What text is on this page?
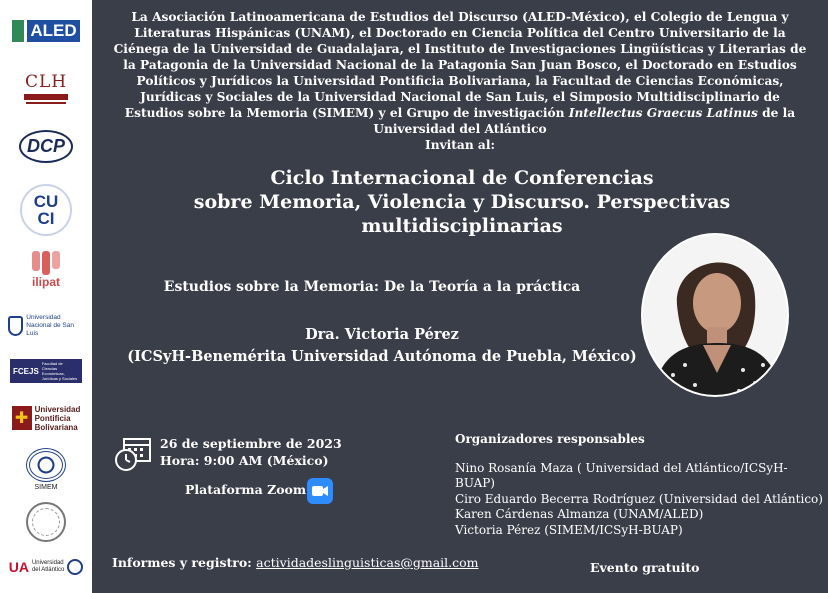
ALED
CLH
DCP
CU
CI
ilipat
Universidad
Nacional de San Luis
FCEJS
Facultad de Ciencias Económicas, Jurídicas y Sociales
✚
Universidad
Pontificia
Bolivariana
SIMEM
UA Universidad
del Atlántico
La Asociación Latinoamericana de Estudios del Discurso (ALED-México), el Colegio de Lengua y Literaturas Hispánicas (UNAM), el Doctorado en Ciencia Política del Centro Universitario de la Ciénega de la Universidad de Guadalajara, el Instituto de Investigaciones Lingüísticas y Literarias de la Patagonia de la Universidad Nacional de la Patagonia San Juan Bosco, el Doctorado en Estudios Políticos y Jurídicos la Universidad Pontificia Bolivariana, la Facultad de Ciencias Económicas, Jurídicas y Sociales de la Universidad Nacional de San Luis, el Simposio Multidisciplinario de Estudios sobre la Memoria (SIMEM) y el Grupo de investigación Intellectus Graecus Latinus de la Universidad del Atlántico
Invitan al:
Ciclo Internacional de Conferencias
sobre Memoria, Violencia y Discurso. Perspectivas multidisciplinarias
Estudios sobre la Memoria: De la Teoría a la práctica
Dra. Victoria Pérez
(ICSyH-Benemérita Universidad Autónoma de Puebla, México)
26 de septiembre de 2023
Hora: 9:00 AM (México)
Plataforma Zoom
Organizadores responsables
Nino Rosanía Maza ( Universidad del Atlántico/ICSyH-BUAP)
Ciro Eduardo Becerra Rodríguez (Universidad del Atlántico)
Karen Cárdenas Almanza (UNAM/ALED)
Victoria Pérez (SIMEM/ICSyH-BUAP)
Informes y registro: actividadeslinguisticas@gmail.com	Evento gratuito
